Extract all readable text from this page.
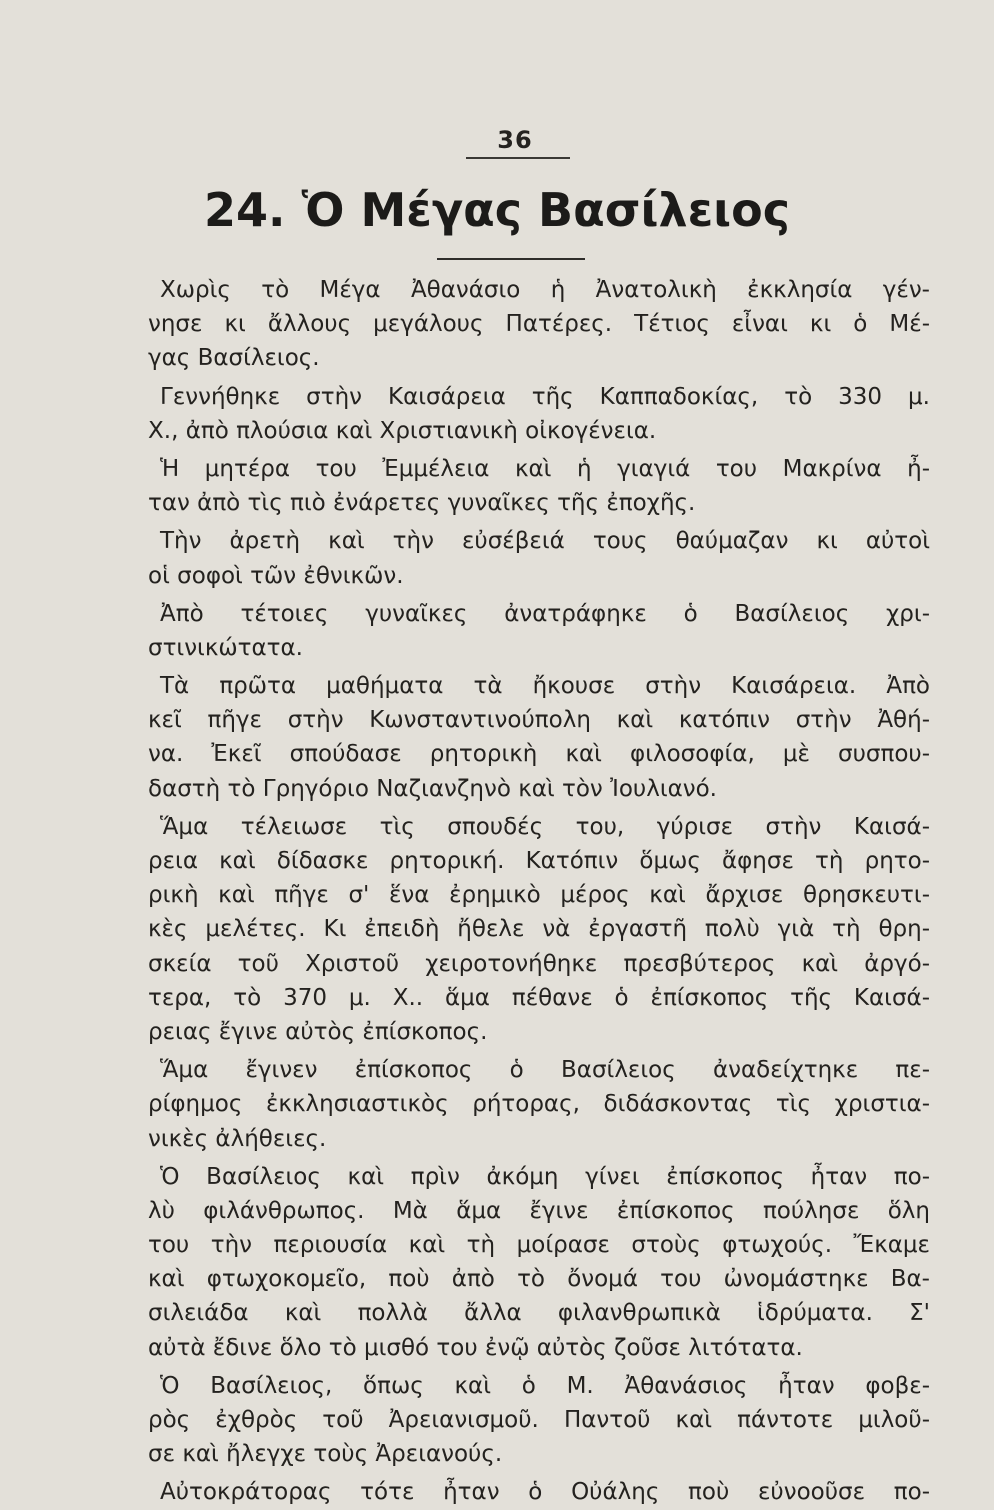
36
24. Ὁ Μέγας Βασίλειος
Χωρὶς τὸ Μέγα Ἀθανάσιο ἡ Ἀνατολικὴ ἐκκλησία γέν-
νησε κι ἄλλους μεγάλους Πατέρες. Τέτιος εἶναι κι ὁ Μέ-
γας Βασίλειος.
Γεννήθηκε στὴν Καισάρεια τῆς Καππαδοκίας, τὸ 330 μ.
Χ., ἀπὸ πλούσια καὶ Χριστιανικὴ οἰκογένεια.
Ἡ μητέρα του Ἐμμέλεια καὶ ἡ γιαγιά του Μακρίνα ἦ-
ταν ἀπὸ τὶς πιὸ ἐνάρετες γυναῖκες τῆς ἐποχῆς.
Τὴν ἀρετὴ καὶ τὴν εὐσέβειά τους θαύμαζαν κι αὐτοὶ
οἱ σοφοὶ τῶν ἐθνικῶν.
Ἀπὸ τέτοιες γυναῖκες ἀνατράφηκε ὁ Βασίλειος χρι-
στινικώτατα.
Τὰ πρῶτα μαθήματα τὰ ἤκουσε στὴν Καισάρεια. Ἀπὸ
κεῖ πῆγε στὴν Κωνσταντινούπολη καὶ κατόπιν στὴν Ἀθή-
να. Ἐκεῖ σπούδασε ρητορικὴ καὶ φιλοσοφία, μὲ συσπου-
δαστὴ τὸ Γρηγόριο Ναζιανζηνὸ καὶ τὸν Ἰουλιανό.
Ἅμα τέλειωσε τὶς σπουδές του, γύρισε στὴν Καισά-
ρεια καὶ δίδασκε ρητορική. Κατόπιν ὅμως ἄφησε τὴ ρητο-
ρικὴ καὶ πῆγε σ' ἕνα ἐρημικὸ μέρος καὶ ἄρχισε θρησκευτι-
κὲς μελέτες. Κι ἐπειδὴ ἤθελε νὰ ἐργαστῆ πολὺ γιὰ τὴ θρη-
σκεία τοῦ Χριστοῦ χειροτονήθηκε πρεσβύτερος καὶ ἀργό-
τερα, τὸ 370 μ. Χ.. ἅμα πέθανε ὁ ἐπίσκοπος τῆς Καισά-
ρειας ἔγινε αὐτὸς ἐπίσκοπος.
Ἅμα ἔγινεν ἐπίσκοπος ὁ Βασίλειος ἀναδείχτηκε πε-
ρίφημος ἐκκλησιαστικὸς ρήτορας, διδάσκοντας τὶς χριστια-
νικὲς ἀλήθειες.
Ὁ Βασίλειος καὶ πρὶν ἀκόμη γίνει ἐπίσκοπος ἦταν πο-
λὺ φιλάνθρωπος. Μὰ ἅμα ἔγινε ἐπίσκοπος πούλησε ὅλη
του τὴν περιουσία καὶ τὴ μοίρασε στοὺς φτωχούς. Ἔκαμε
καὶ φτωχοκομεῖο, ποὺ ἀπὸ τὸ ὄνομά του ὠνομάστηκε Βα-
σιλειάδα καὶ πολλὰ ἄλλα φιλανθρωπικὰ ἱδρύματα. Σ'
αὐτὰ ἔδινε ὅλο τὸ μισθό του ἐνῷ αὐτὸς ζοῦσε λιτότατα.
Ὁ Βασίλειος, ὅπως καὶ ὁ Μ. Ἀθανάσιος ἦταν φοβε-
ρὸς ἐχθρὸς τοῦ Ἀρειανισμοῦ. Παντοῦ καὶ πάντοτε μιλοῦ-
σε καὶ ἤλεγχε τοὺς Ἀρειανούς.
Αὐτοκράτορας τότε ἦταν ὁ Οὐάλης ποὺ εὐνοοῦσε πο-
